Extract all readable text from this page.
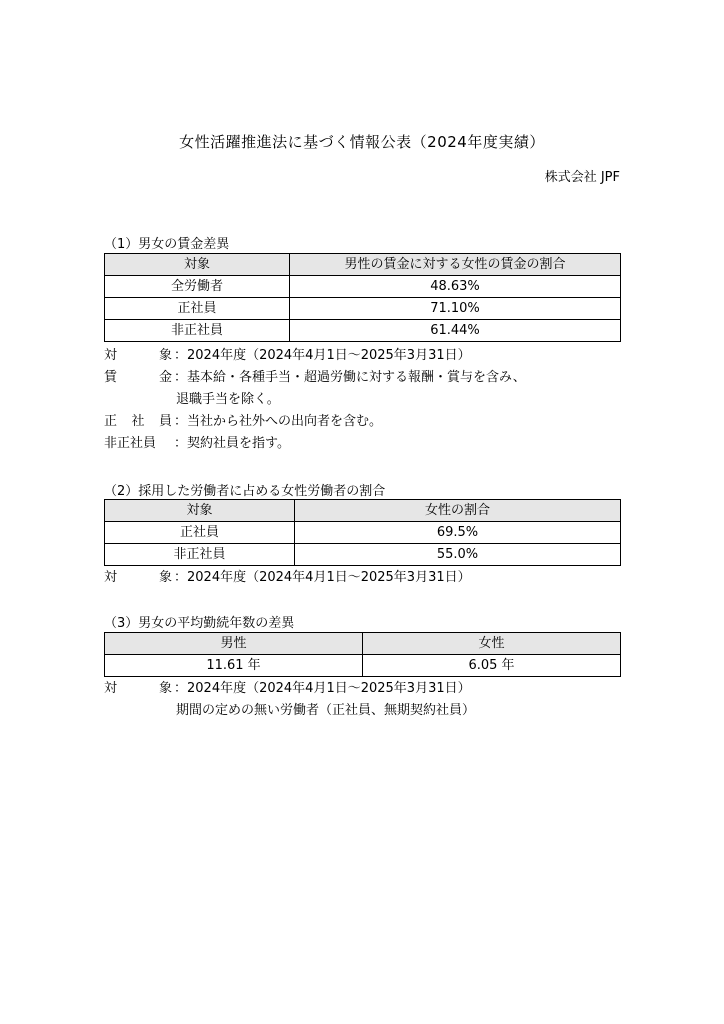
女性活躍推進法に基づく情報公表（2024年度実績）
株式会社 JPF
（1）男女の賃金差異
対象	男性の賃金に対する女性の賃金の割合
全労働者	48.63%
正社員	71.10%
非正社員	61.44%
対	象 ：2024年度（2024年4月1日～2025年3月31日）
賃	金 ：基本給・各種手当・超過労働に対する報酬・賞与を含み、
退職手当を除く。
正 社 員 ：当社から社外への出向者を含む。
非正社員	：契約社員を指す。
（2）採用した労働者に占める女性労働者の割合
対象	女性の割合
正社員	69.5%
非正社員	55.0%
対	象 ：2024年度（2024年4月1日～2025年3月31日）
（3）男女の平均勤続年数の差異
男性	女性
11.61 年	6.05 年
対	象 ：2024年度（2024年4月1日～2025年3月31日）
期間の定めの無い労働者（正社員、無期契約社員）
